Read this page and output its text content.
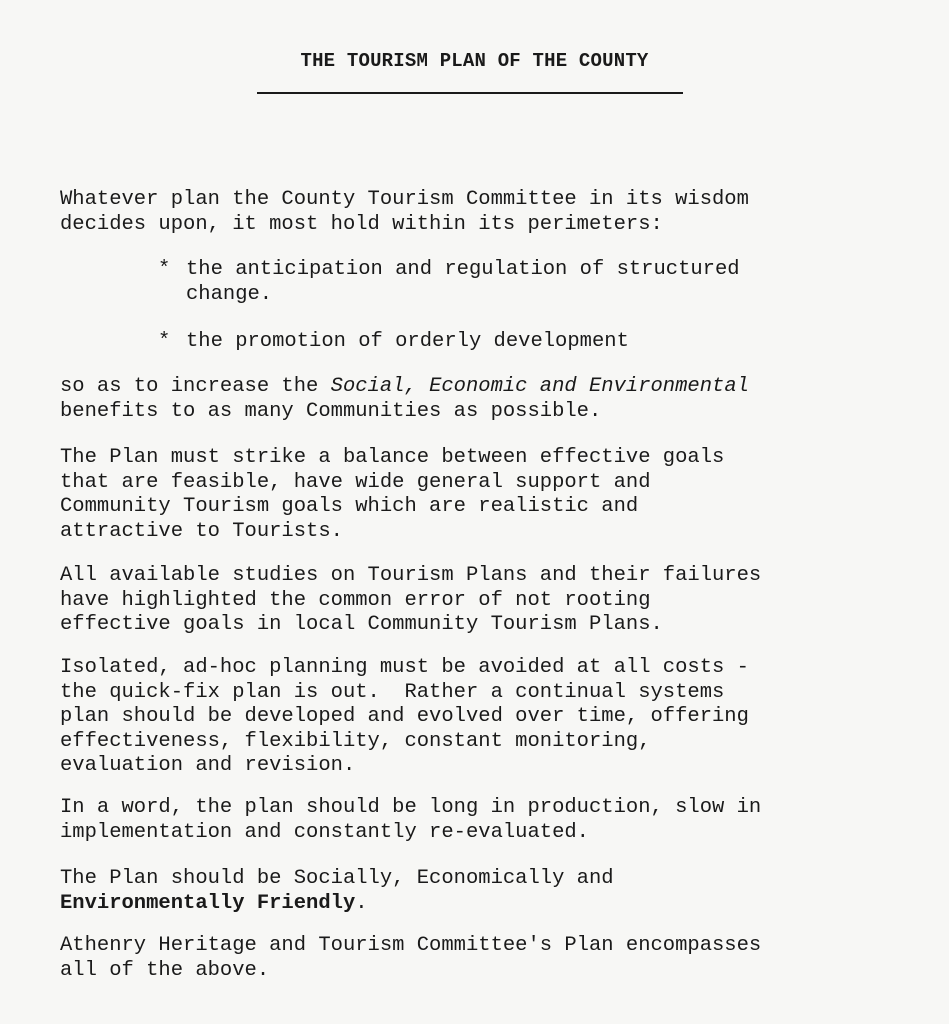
THE TOURISM PLAN OF THE COUNTY
Whatever plan the County Tourism Committee in its wisdom
decides upon, it most hold within its perimeters:
* the anticipation and regulation of structured
change.
* the promotion of orderly development
so as to increase the Social, Economic and Environmental
benefits to as many Communities as possible.
The Plan must strike a balance between effective goals
that are feasible, have wide general support and
Community Tourism goals which are realistic and
attractive to Tourists.
All available studies on Tourism Plans and their failures
have highlighted the common error of not rooting
effective goals in local Community Tourism Plans.
Isolated, ad-hoc planning must be avoided at all costs -
the quick-fix plan is out.  Rather a continual systems
plan should be developed and evolved over time, offering
effectiveness, flexibility, constant monitoring,
evaluation and revision.
In a word, the plan should be long in production, slow in
implementation and constantly re-evaluated.
The Plan should be Socially, Economically and
Environmentally Friendly.
Athenry Heritage and Tourism Committee's Plan encompasses
all of the above.
